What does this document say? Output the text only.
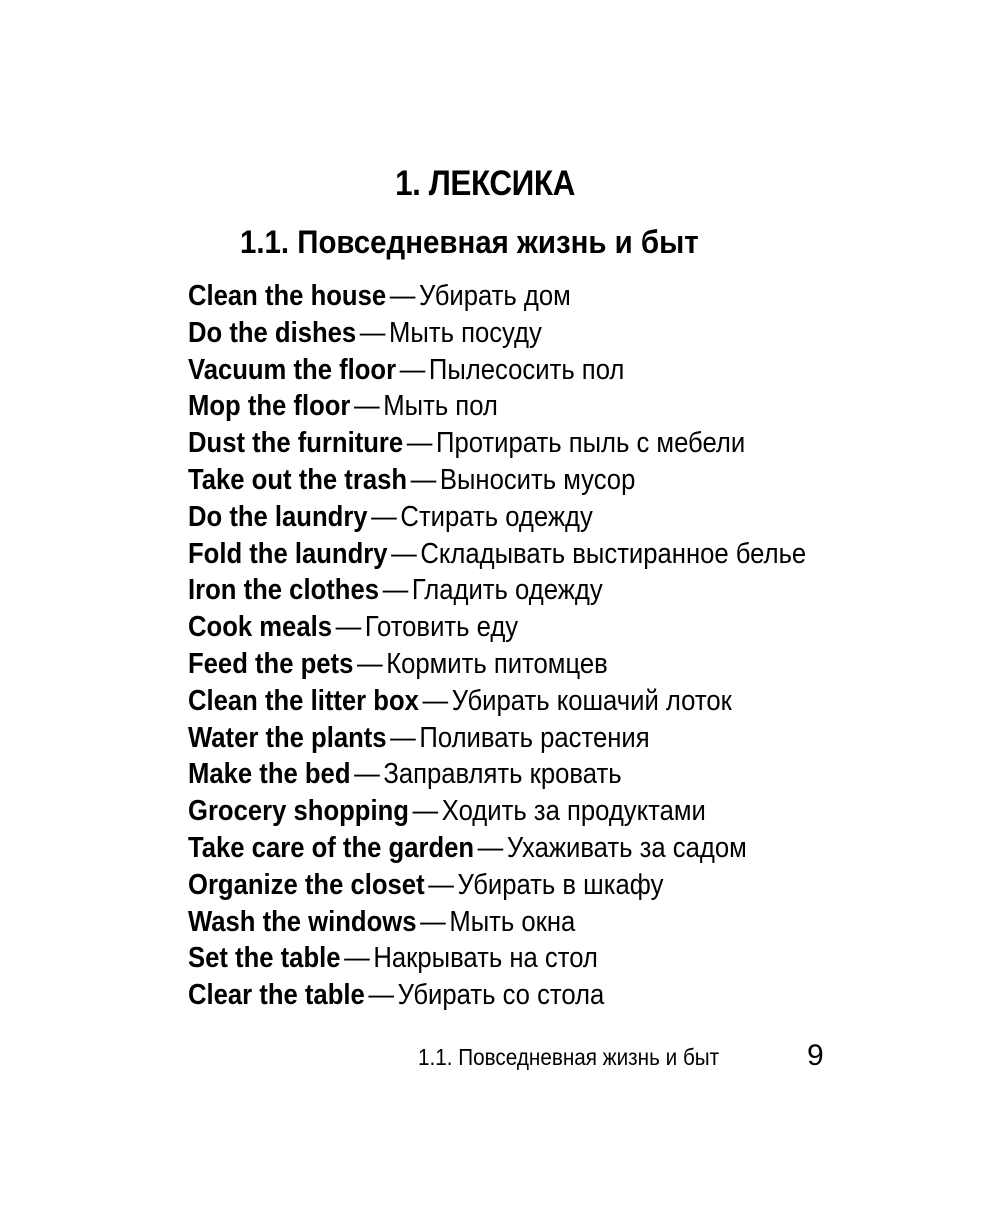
1. ЛЕКСИКА
1.1. Повседневная жизнь и быт
Clean the house — Убирать дом
Do the dishes — Мыть посуду
Vacuum the floor — Пылесосить пол
Mop the floor — Мыть пол
Dust the furniture — Протирать пыль с мебели
Take out the trash — Выносить мусор
Do the laundry — Стирать одежду
Fold the laundry — Складывать выстиранное белье
Iron the clothes — Гладить одежду
Cook meals — Готовить еду
Feed the pets — Кормить питомцев
Clean the litter box — Убирать кошачий лоток
Water the plants — Поливать растения
Make the bed — Заправлять кровать
Grocery shopping — Ходить за продуктами
Take care of the garden — Ухаживать за садом
Organize the closet — Убирать в шкафу
Wash the windows — Мыть окна
Set the table — Накрывать на стол
Clear the table — Убирать со стола
1.1. Повседневная жизнь и быт	9
